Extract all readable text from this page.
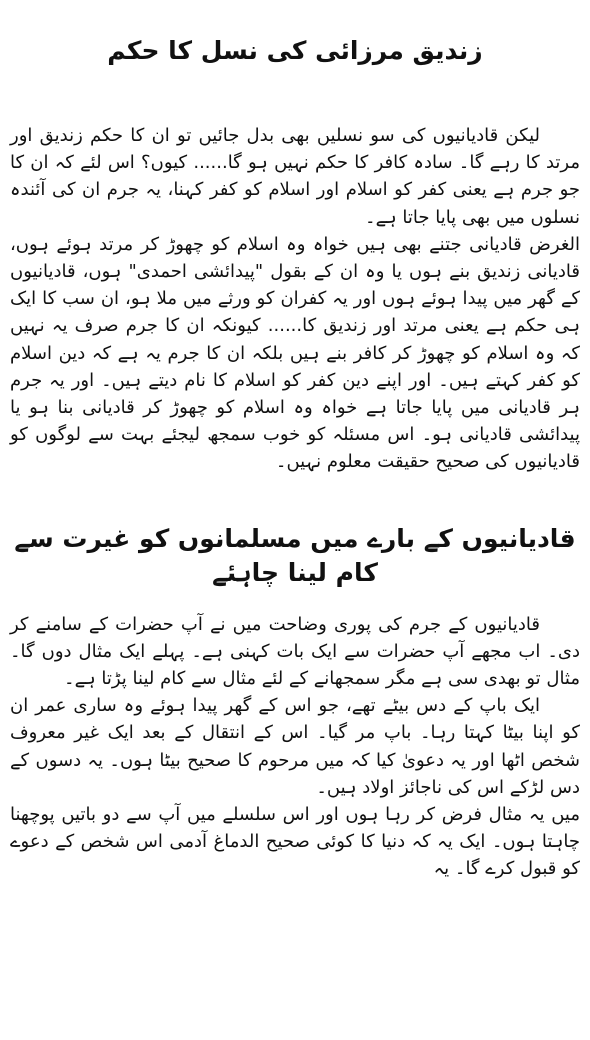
زندیق مرزائی کی نسل کا حکم

لیکن قادیانیوں کی سو نسلیں بھی بدل جائیں تو ان کا حکم زندیق اور مرتد کا رہے گا۔ سادہ کافر کا حکم نہیں ہو گا...... کیوں؟ اس لئے کہ ان کا جو جرم ہے یعنی کفر کو اسلام اور اسلام کو کفر کہنا، یہ جرم ان کی آئندہ نسلوں میں بھی پایا جاتا ہے۔

الغرض قادیانی جتنے بھی ہیں خواہ وہ اسلام کو چھوڑ کر مرتد ہوئے ہوں، قادیانی زندیق بنے ہوں یا وہ ان کے بقول "پیدائشی احمدی" ہوں، قادیانیوں کے گھر میں پیدا ہوئے ہوں اور یہ کفران کو ورثے میں ملا ہو، ان سب کا ایک ہی حکم ہے یعنی مرتد اور زندیق کا...... کیونکہ ان کا جرم صرف یہ نہیں کہ وہ اسلام کو چھوڑ کر کافر بنے ہیں بلکہ ان کا جرم یہ ہے کہ دین اسلام کو کفر کہتے ہیں۔ اور اپنے دین کفر کو اسلام کا نام دیتے ہیں۔ اور یہ جرم ہر قادیانی میں پایا جاتا ہے خواہ وہ اسلام کو چھوڑ کر قادیانی بنا ہو یا پیدائشی قادیانی ہو۔ اس مسئلہ کو خوب سمجھ لیجئے بہت سے لوگوں کو قادیانیوں کی صحیح حقیقت معلوم نہیں۔

قادیانیوں کے بارے میں مسلمانوں کو غیرت سے کام لینا چاہئے

قادیانیوں کے جرم کی پوری وضاحت میں نے آپ حضرات کے سامنے کر دی۔ اب مجھے آپ حضرات سے ایک بات کہنی ہے۔ پہلے ایک مثال دوں گا۔ مثال تو بھدی سی ہے مگر سمجھانے کے لئے مثال سے کام لینا پڑتا ہے۔

ایک باپ کے دس بیٹے تھے، جو اس کے گھر پیدا ہوئے وہ ساری عمر ان کو اپنا بیٹا کہتا رہا۔ باپ مر گیا۔ اس کے انتقال کے بعد ایک غیر معروف شخص اٹھا اور یہ دعویٰ کیا کہ میں مرحوم کا صحیح بیٹا ہوں۔ یہ دسوں کے دس لڑکے اس کی ناجائز اولاد ہیں۔

میں یہ مثال فرض کر رہا ہوں اور اس سلسلے میں آپ سے دو باتیں پوچھنا چاہتا ہوں۔ ایک یہ کہ دنیا کا کوئی صحیح الدماغ آدمی اس شخص کے دعوے کو قبول کرے گا۔ یہ
